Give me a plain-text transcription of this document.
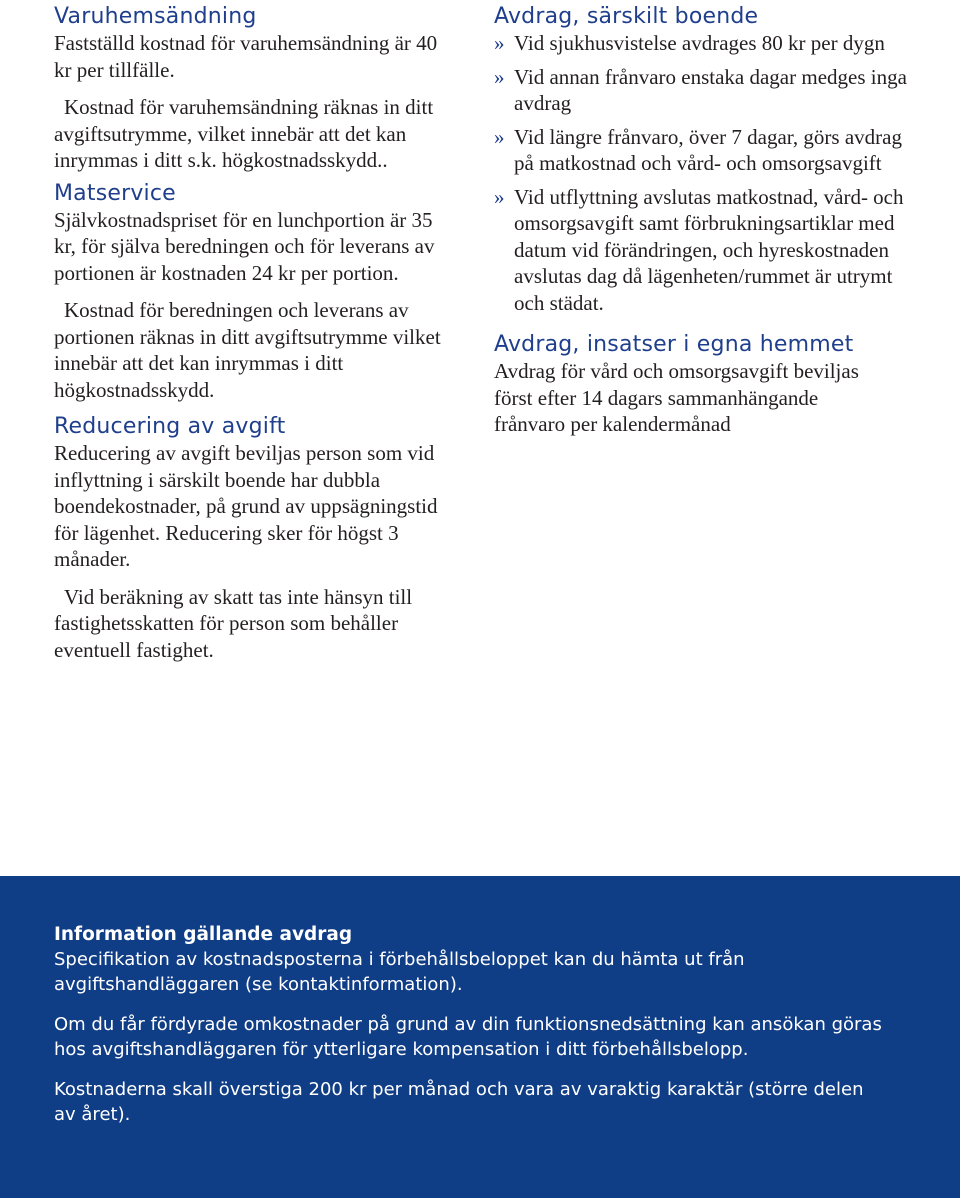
Varuhemsändning

Fastställd kostnad för varuhemsändning är 40 kr per tillfälle.

Kostnad för varuhemsändning räknas in ditt avgiftsutrymme, vilket innebär att det kan inrymmas i ditt s.k. högkostnadsskydd..

Matservice

Självkostnadspriset för en lunchportion är 35 kr, för själva beredningen och för leverans av portionen är kostnaden 24 kr per portion.

Kostnad för beredningen och leverans av portionen räknas in ditt avgiftsutrymme vilket innebär att det kan inrymmas i ditt högkostnadsskydd.

Reducering av avgift

Reducering av avgift beviljas person som vid inflyttning i särskilt boende har dubbla boendekostnader, på grund av uppsägningstid för lägenhet. Reducering sker för högst 3 månader.

Vid beräkning av skatt tas inte hänsyn till fastighetsskatten för person som behåller eventuell fastighet.

Avdrag, särskilt boende

» Vid sjukhusvistelse avdrages 80 kr per dygn

» Vid annan frånvaro enstaka dagar medges inga avdrag

» Vid längre frånvaro, över 7 dagar, görs avdrag på matkostnad och vård- och omsorgsavgift

» Vid utflyttning avslutas matkostnad, vård- och omsorgsavgift samt förbrukningsartiklar med datum vid förändringen, och hyreskostnaden avslutas dag då lägenheten/rummet är utrymt och städat.

Avdrag, insatser i egna hemmet

Avdrag för vård och omsorgsavgift beviljas först efter 14 dagars sammanhängande frånvaro per kalendermånad

Information gällande avdrag

Specifikation av kostnadsposterna i förbehållsbeloppet kan du hämta ut från avgiftshandläggaren (se kontaktinformation).

Om du får fördyrade omkostnader på grund av din funktionsnedsättning kan ansökan göras hos avgiftshandläggaren för ytterligare kompensation i ditt förbehållsbelopp.

Kostnaderna skall överstiga 200 kr per månad och vara av varaktig karaktär (större delen av året).
